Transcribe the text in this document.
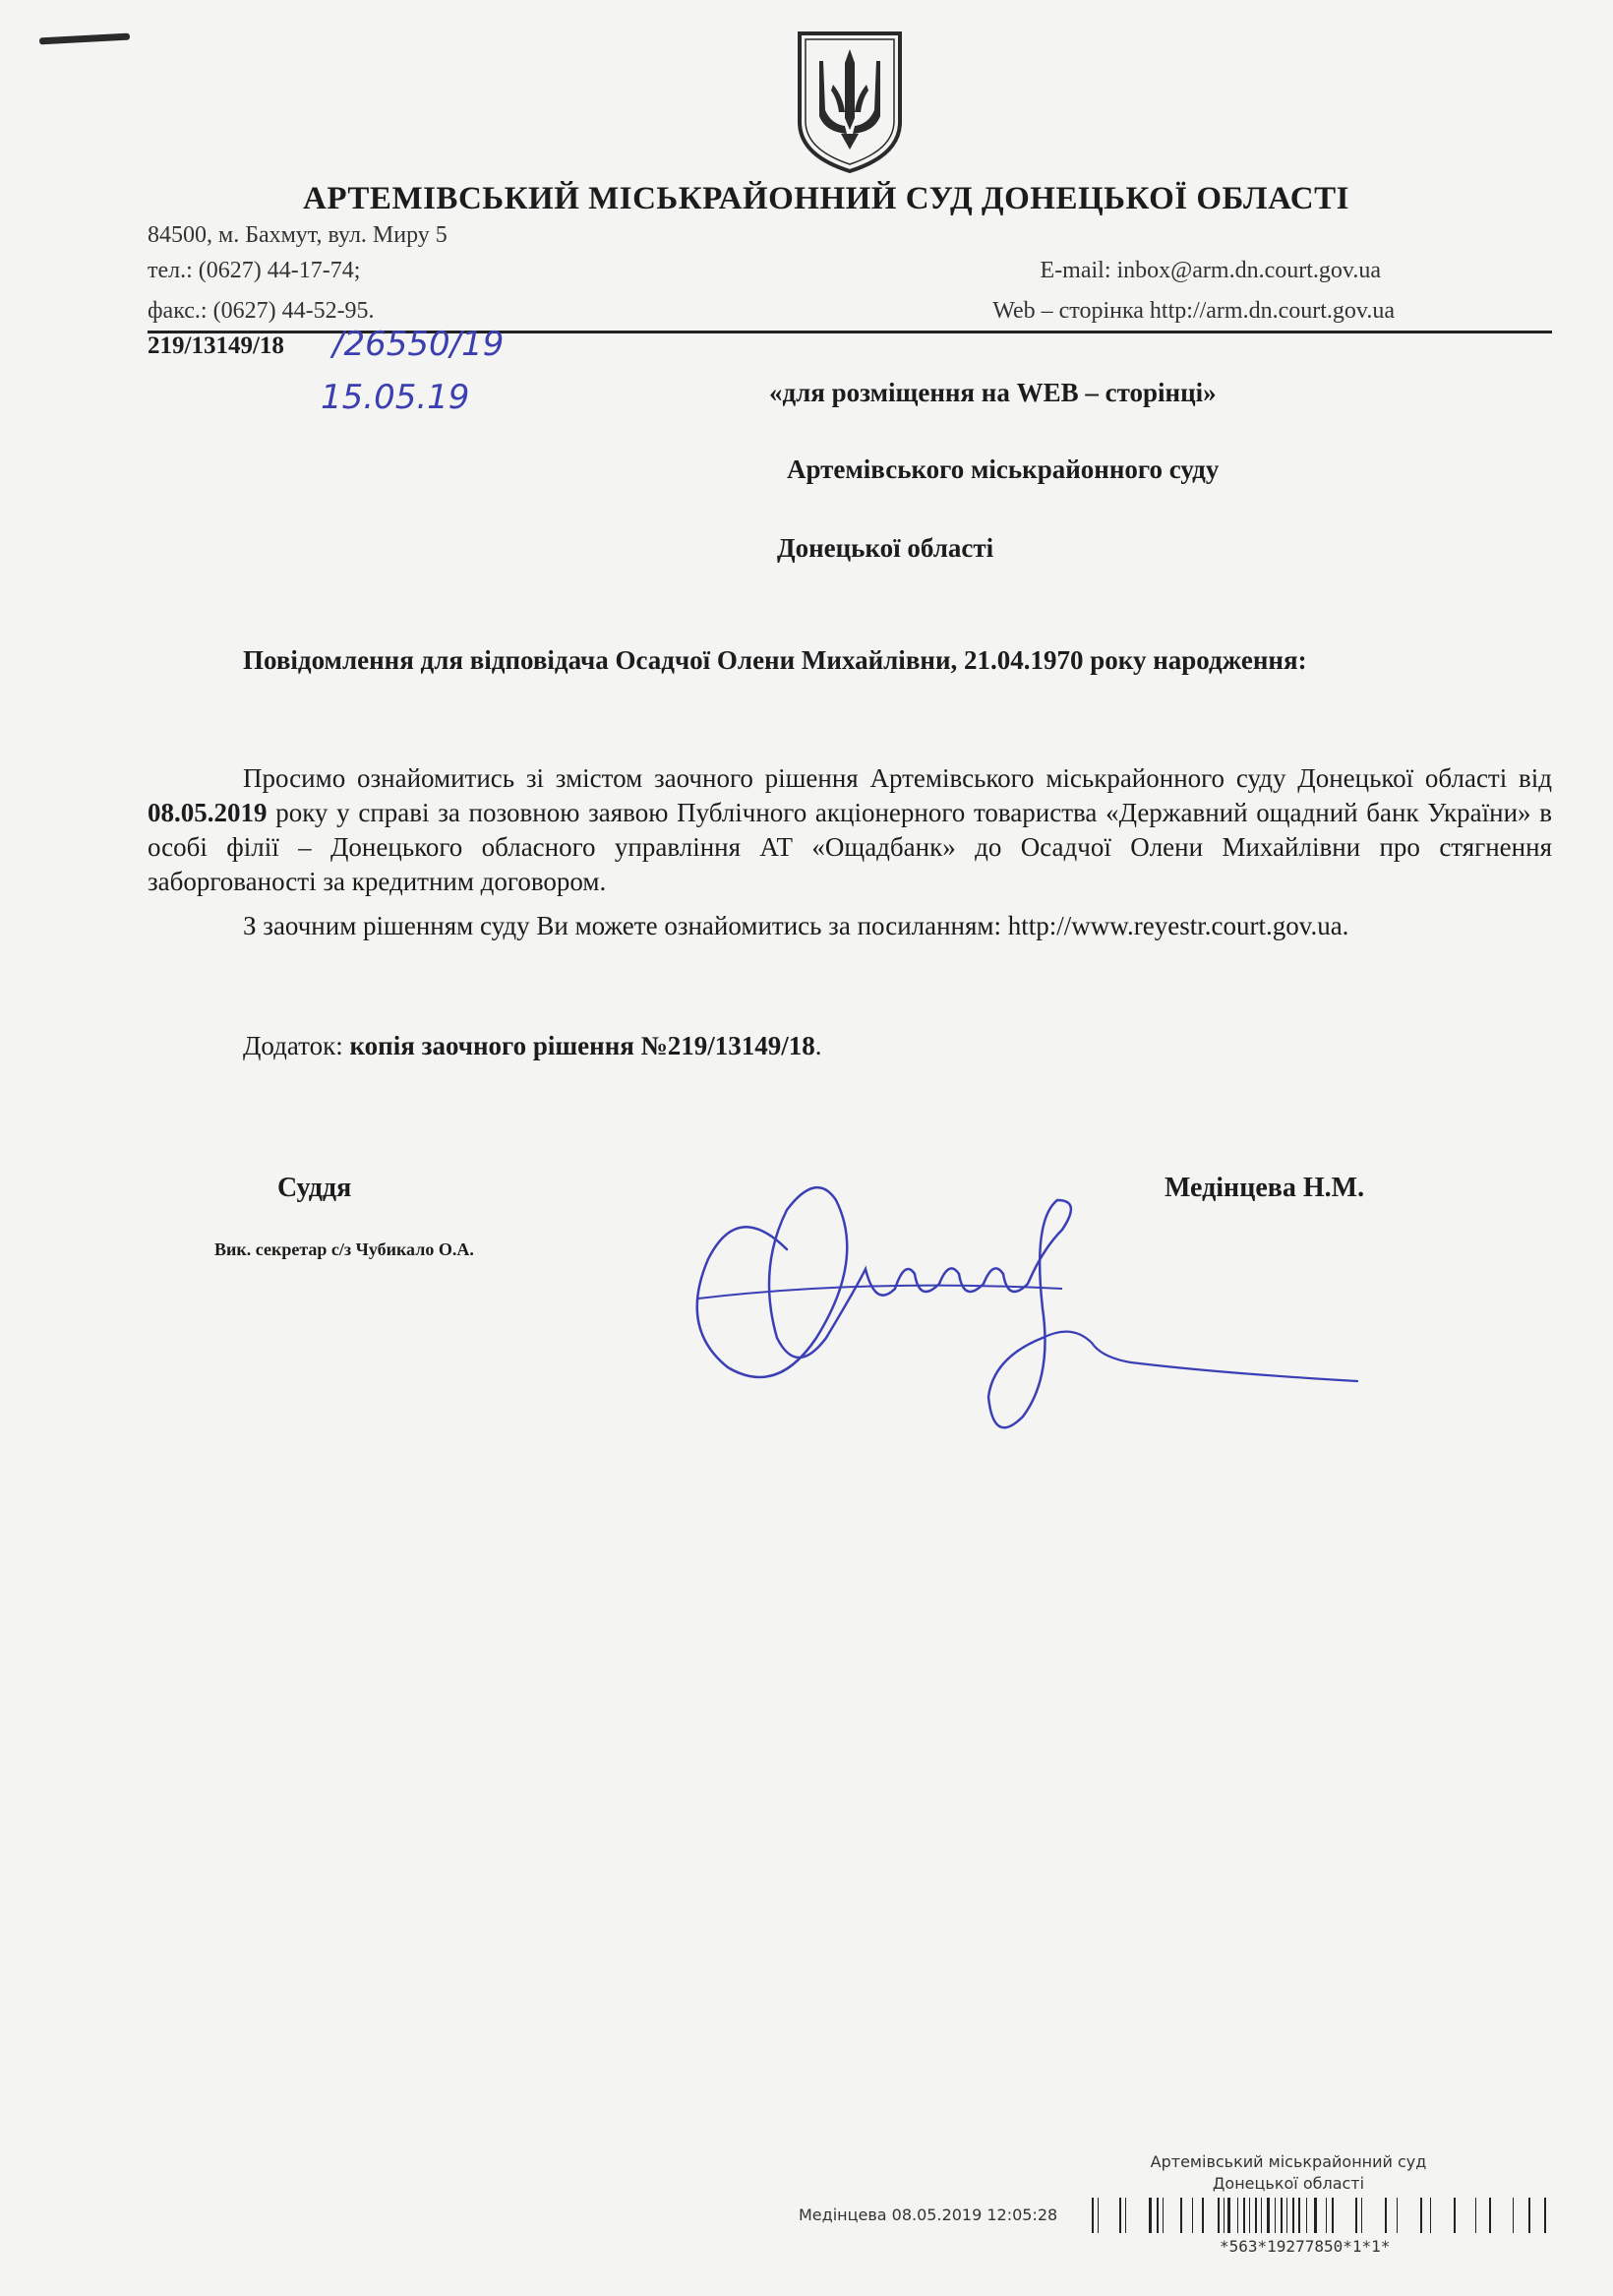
АРТЕМІВСЬКИЙ МІСЬКРАЙОННИЙ СУД ДОНЕЦЬКОЇ ОБЛАСТІ
84500, м. Бахмут, вул. Миру 5
тел.: (0627) 44-17-74;
факс.: (0627) 44-52-95.
E-mail: inbox@arm.dn.court.gov.ua
Web – сторінка http://arm.dn.court.gov.ua
219/13149/18 /26550/19
15.05.19	«для розміщення на WEB – сторінці»
Артемівського міськрайонного суду
Донецької області
Повідомлення для відповідача Осадчої Олени Михайлівни, 21.04.1970 року народження:
Просимо ознайомитись зі змістом заочного рішення Артемівського міськрайонного суду Донецької області від 08.05.2019 року у справі за позовною заявою Публічного акціонерного товариства «Державний ощадний банк України» в особі філії – Донецького обласного управління АТ «Ощадбанк» до Осадчої Олени Михайлівни про стягнення заборгованості за кредитним договором.
З заочним рішенням суду Ви можете ознайомитись за посиланням: http://www.reyestr.court.gov.ua.
Додаток: копія заочного рішення №219/13149/18.
Суддя	Медінцева Н.М.
Вик. секретар с/з Чубикало О.А.
Артемівський міськрайонний суд
Донецької області
Медінцева 08.05.2019 12:05:28
*563*19277850*1*1*
